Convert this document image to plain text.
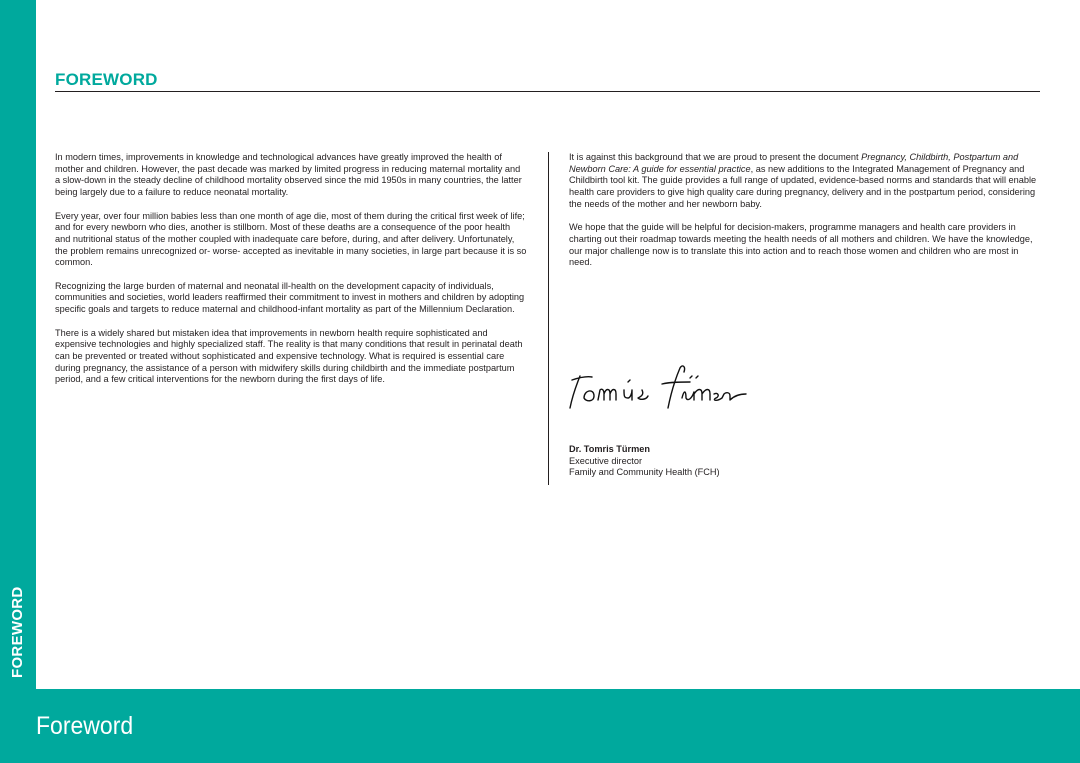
FOREWORD
FOREWORD

In modern times, improvements in knowledge and technological advances have greatly improved the health of mother and children. However, the past decade was marked by limited progress in reducing maternal mortality and a slow-down in the steady decline of childhood mortality observed since the mid 1950s in many countries, the latter being largely due to a failure to reduce neonatal mortality.

Every year, over four million babies less than one month of age die, most of them during the critical first week of life; and for every newborn who dies, another is stillborn. Most of these deaths are a consequence of the poor health and nutritional status of the mother coupled with inadequate care before, during, and after delivery. Unfortunately, the problem remains unrecognized or- worse- accepted as inevitable in many societies, in large part because it is so common.

Recognizing the large burden of maternal and neonatal ill-health on the development capacity of individuals, communities and societies, world leaders reaffirmed their commitment to invest in mothers and children by adopting specific goals and targets to reduce maternal and childhood-infant mortality as part of the Millennium Declaration.

There is a widely shared but mistaken idea that improvements in newborn health require sophisticated and expensive technologies and highly specialized staff. The reality is that many conditions that result in perinatal death can be prevented or treated without sophisticated and expensive technology. What is required is essential care during pregnancy, the assistance of a person with midwifery skills during childbirth and the immediate postpartum period, and a few critical interventions for the newborn during the first days of life.

It is against this background that we are proud to present the document Pregnancy, Childbirth, Postpartum and Newborn Care: A guide for essential practice, as new additions to the Integrated Management of Pregnancy and Childbirth tool kit. The guide provides a full range of updated, evidence-based norms and standards that will enable health care providers to give high quality care during pregnancy, delivery and in the postpartum period, considering the needs of the mother and her newborn baby.

We hope that the guide will be helpful for decision-makers, programme managers and health care providers in charting out their roadmap towards meeting the health needs of all mothers and children. We have the knowledge, our major challenge now is to translate this into action and to reach those women and children who are most in need.

Dr. Tomris Türmen
Executive director
Family and Community Health (FCH)
Foreword
